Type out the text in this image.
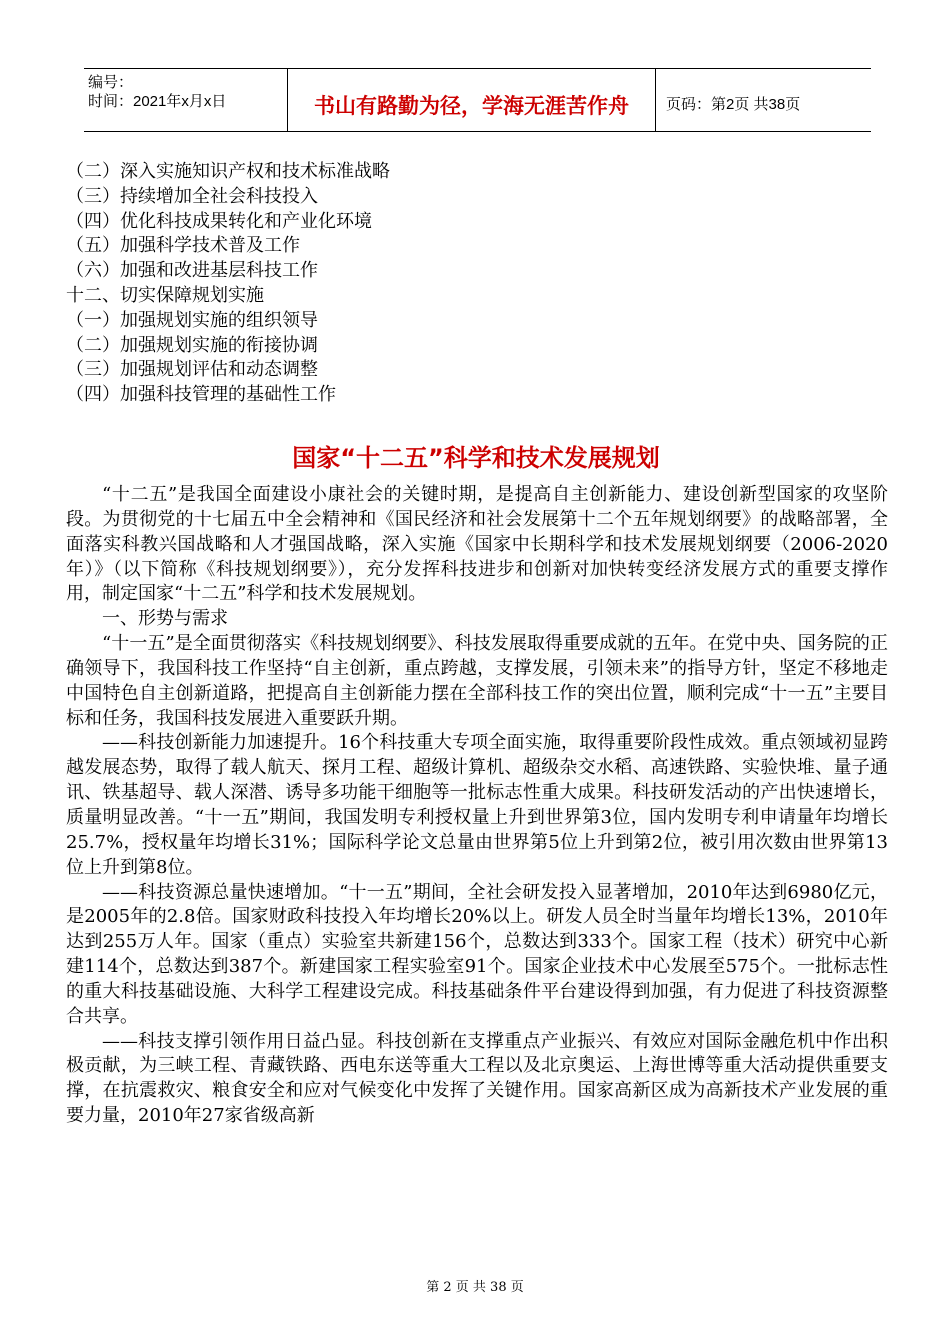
编号：
时间：2021年x月x日	书山有路勤为径，学海无涯苦作舟	页码：第2页 共38页
（二）深入实施知识产权和技术标准战略
（三）持续增加全社会科技投入
（四）优化科技成果转化和产业化环境
（五）加强科学技术普及工作
（六）加强和改进基层科技工作
十二、切实保障规划实施
（一）加强规划实施的组织领导
（二）加强规划实施的衔接协调
（三）加强规划评估和动态调整
（四）加强科技管理的基础性工作
国家“十二五”科学和技术发展规划

“十二五”是我国全面建设小康社会的关键时期，是提高自主创新能力、建设创新型国家的攻坚阶段。为贯彻党的十七届五中全会精神和《国民经济和社会发展第十二个五年规划纲要》的战略部署，全面落实科教兴国战略和人才强国战略，深入实施《国家中长期科学和技术发展规划纲要（2006-2020年）》（以下简称《科技规划纲要》），充分发挥科技进步和创新对加快转变经济发展方式的重要支撑作用，制定国家“十二五”科学和技术发展规划。

一、形势与需求

“十一五”是全面贯彻落实《科技规划纲要》、科技发展取得重要成就的五年。在党中央、国务院的正确领导下，我国科技工作坚持“自主创新，重点跨越，支撑发展，引领未来”的指导方针，坚定不移地走中国特色自主创新道路，把提高自主创新能力摆在全部科技工作的突出位置，顺利完成“十一五”主要目标和任务，我国科技发展进入重要跃升期。

——科技创新能力加速提升。16个科技重大专项全面实施，取得重要阶段性成效。重点领域初显跨越发展态势，取得了载人航天、探月工程、超级计算机、超级杂交水稻、高速铁路、实验快堆、量子通讯、铁基超导、载人深潜、诱导多功能干细胞等一批标志性重大成果。科技研发活动的产出快速增长，质量明显改善。“十一五”期间，我国发明专利授权量上升到世界第3位，国内发明专利申请量年均增长25.7%，授权量年均增长31%；国际科学论文总量由世界第5位上升到第2位，被引用次数由世界第13位上升到第8位。

——科技资源总量快速增加。“十一五”期间，全社会研发投入显著增加，2010年达到6980亿元，是2005年的2.8倍。国家财政科技投入年均增长20%以上。研发人员全时当量年均增长13%，2010年达到255万人年。国家（重点）实验室共新建156个，总数达到333个。国家工程（技术）研究中心新建114个，总数达到387个。新建国家工程实验室91个。国家企业技术中心发展至575个。一批标志性的重大科技基础设施、大科学工程建设完成。科技基础条件平台建设得到加强，有力促进了科技资源整合共享。

——科技支撑引领作用日益凸显。科技创新在支撑重点产业振兴、有效应对国际金融危机中作出积极贡献，为三峡工程、青藏铁路、西电东送等重大工程以及北京奥运、上海世博等重大活动提供重要支撑，在抗震救灾、粮食安全和应对气候变化中发挥了关键作用。国家高新区成为高新技术产业发展的重要力量，2010年27家省级高新

第 2 页 共 38 页
